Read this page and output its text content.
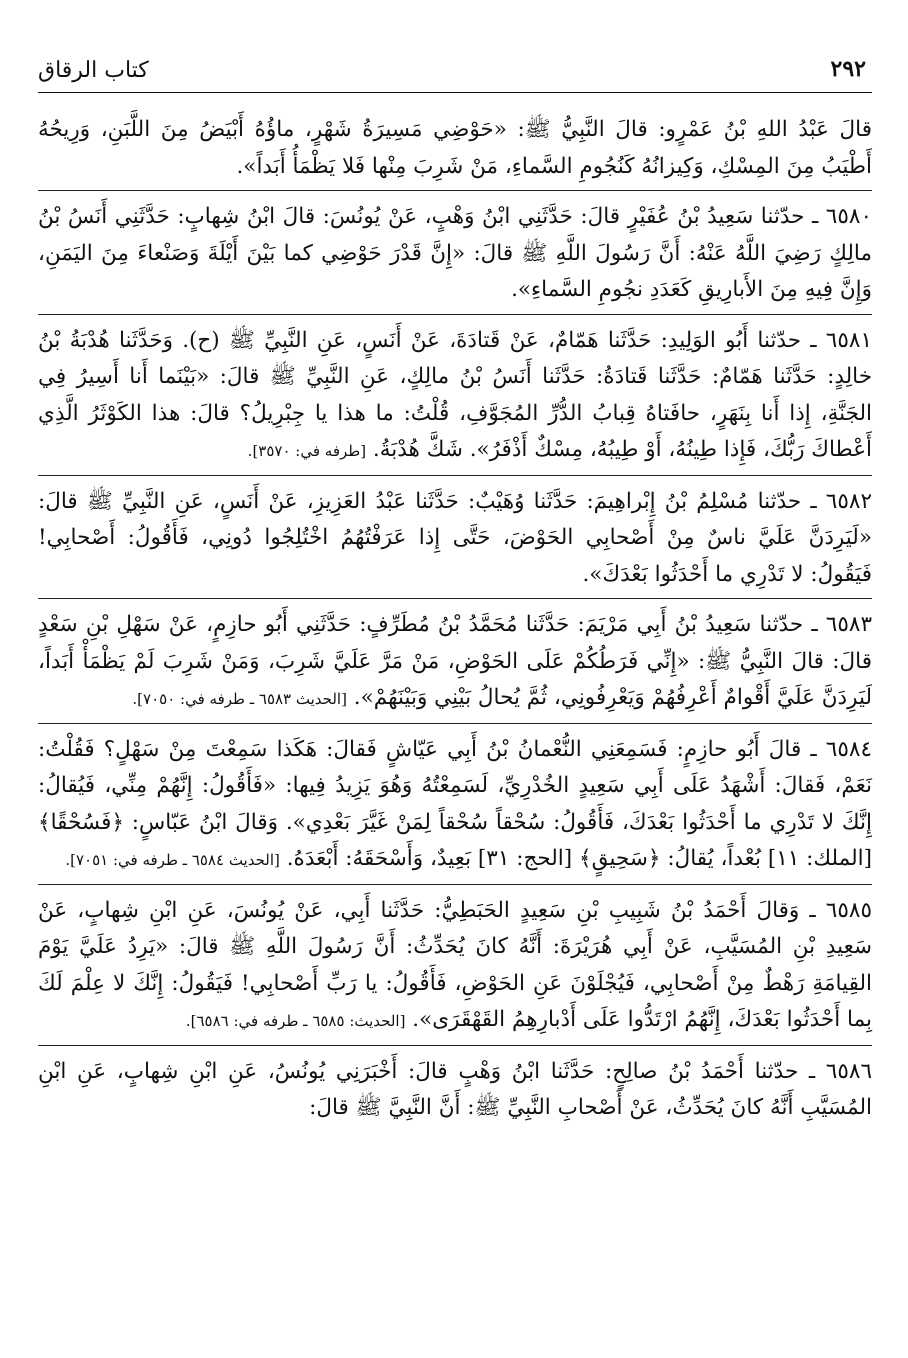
٢٩٢
كتاب الرقاق
قالَ عَبْدُ اللهِ بْنُ عَمْرٍو: قالَ النَّبِيُّ ﷺ: «حَوْضِي مَسِيرَةُ شَهْرٍ، ماؤُهُ أَبْيَضُ مِنَ اللَّبَنِ، وَرِيحُهُ أَطْيَبُ مِنَ المِسْكِ، وَكِيزانُهُ كَنُجُومِ السَّماءِ، مَنْ شَرِبَ مِنْها فَلا يَظْمَأُ أَبَداً».
٦٥٨٠ ـ حدّثنا سَعِيدُ بْنُ عُفَيْرٍ قالَ: حَدَّثَنِي ابْنُ وَهْبٍ، عَنْ يُونُسَ: قالَ ابْنُ شِهابٍ: حَدَّثَنِي أَنَسُ بْنُ مالِكٍ رَضِيَ اللَّهُ عَنْهُ: أَنَّ رَسُولَ اللَّهِ ﷺ قالَ: «إِنَّ قَدْرَ حَوْضِي كما بَيْنَ أَيْلَةَ وَصَنْعاءَ مِنَ اليَمَنِ، وَإِنَّ فِيهِ مِنَ الأَبارِيقِ كَعَدَدِ نجُومِ السَّماءِ».
٦٥٨١ ـ حدّثنا أَبُو الوَلِيدِ: حَدَّثَنا هَمّامٌ، عَنْ قَتادَةَ، عَنْ أَنَسٍ، عَنِ النَّبِيِّ ﷺ (ح). وَحَدَّثَنا هُدْبَةُ بْنُ خالِدٍ: حَدَّثَنا هَمّامٌ: حَدَّثَنا قَتادَةُ: حَدَّثَنا أَنَسُ بْنُ مالِكٍ، عَنِ النَّبِيِّ ﷺ قالَ: «بَيْنَما أَنا أَسِيرُ فِي الجَنَّةِ، إِذا أَنا بِنَهَرٍ، حافَتاهُ قِبابُ الدُّرِّ المُجَوَّفِ، قُلْتُ: ما هذا يا جِبْرِيلُ؟ قالَ: هذا الكَوْثَرُ الَّذِي أَعْطاكَ رَبُّكَ، فَإِذا طِينُهُ، أَوْ طِيبُهُ، مِسْكٌ أَذْفَرُ». شَكَّ هُدْبَةُ. [طرفه في: ٣٥٧٠].
٦٥٨٢ ـ حدّثنا مُسْلِمُ بْنُ إِبْراهِيمَ: حَدَّثَنا وُهَيْبٌ: حَدَّثَنا عَبْدُ العَزِيزِ، عَنْ أَنَسٍ، عَنِ النَّبِيِّ ﷺ قالَ: «لَيَرِدَنَّ عَلَيَّ ناسٌ مِنْ أَصْحابِي الحَوْضَ، حَتَّى إِذا عَرَفْتُهُمُ اخْتُلِجُوا دُونِي، فَأَقُولُ: أَصْحابِي! فَيَقُولُ: لا تَدْرِي ما أَحْدَثُوا بَعْدَكَ».
٦٥٨٣ ـ حدّثنا سَعِيدُ بْنُ أَبِي مَرْيَمَ: حَدَّثَنا مُحَمَّدُ بْنُ مُطَرِّفٍ: حَدَّثَنِي أَبُو حازِمٍ، عَنْ سَهْلِ بْنِ سَعْدٍ قالَ: قالَ النَّبِيُّ ﷺ: «إِنِّي فَرَطُكُمْ عَلَى الحَوْضِ، مَنْ مَرَّ عَلَيَّ شَرِبَ، وَمَنْ شَرِبَ لَمْ يَظْمَأْ أَبَداً، لَيَرِدَنَّ عَلَيَّ أَقْوامٌ أَعْرِفُهُمْ وَيَعْرِفُونِي، ثُمَّ يُحالُ بَيْنِي وَبَيْنَهُمْ». [الحديث ٦٥٨٣ ـ طرفه في: ٧٠٥٠].
٦٥٨٤ ـ قالَ أَبُو حازِمٍ: فَسَمِعَنِي النُّعْمانُ بْنُ أَبِي عَيّاشٍ فَقالَ: هَكَذا سَمِعْتَ مِنْ سَهْلٍ؟ فَقُلْتُ: نَعَمْ، فَقالَ: أَشْهَدُ عَلَى أَبِي سَعِيدٍ الخُدْرِيِّ، لَسَمِعْتُهُ وَهُوَ يَزِيدُ فِيها: «فَأَقُولُ: إِنَّهُمْ مِنِّي، فَيُقالُ: إِنَّكَ لا تَدْرِي ما أَحْدَثُوا بَعْدَكَ، فَأَقُولُ: سُحْقاً سُحْقاً لِمَنْ غَيَّرَ بَعْدِي». وَقالَ ابْنُ عَبّاسٍ: ﴿فَسُحْقًا﴾ [الملك: ١١] بُعْداً، يُقالُ: ﴿سَحِيقٍ﴾ [الحج: ٣١] بَعِيدٌ، وَأَسْحَقَهُ: أَبْعَدَهُ. [الحديث ٦٥٨٤ ـ طرفه في: ٧٠٥١].
٦٥٨٥ ـ وَقالَ أَحْمَدُ بْنُ شَبِيبِ بْنِ سَعِيدٍ الحَبَطِيُّ: حَدَّثَنا أَبِي، عَنْ يُونُسَ، عَنِ ابْنِ شِهابٍ، عَنْ سَعِيدِ بْنِ المُسَيَّبِ، عَنْ أَبِي هُرَيْرَةَ: أَنَّهُ كانَ يُحَدِّثُ: أَنَّ رَسُولَ اللَّهِ ﷺ قالَ: «يَرِدُ عَلَيَّ يَوْمَ القِيامَةِ رَهْطٌ مِنْ أَصْحابِي، فَيُجْلَوْنَ عَنِ الحَوْضِ، فَأَقُولُ: يا رَبِّ أَصْحابِي! فَيَقُولُ: إِنَّكَ لا عِلْمَ لَكَ بِما أَحْدَثُوا بَعْدَكَ، إِنَّهُمُ ارْتَدُّوا عَلَى أَدْبارِهِمُ القَهْقَرَى». [الحديث: ٦٥٨٥ ـ طرفه في: ٦٥٨٦].
٦٥٨٦ ـ حدّثنا أَحْمَدُ بْنُ صالِحٍ: حَدَّثَنا ابْنُ وَهْبٍ قالَ: أَخْبَرَنِي يُونُسُ، عَنِ ابْنِ شِهابٍ، عَنِ ابْنِ المُسَيَّبِ أَنَّهُ كانَ يُحَدِّثُ، عَنْ أَصْحابِ النَّبِيِّ ﷺ: أَنَّ النَّبِيَّ ﷺ قالَ:
